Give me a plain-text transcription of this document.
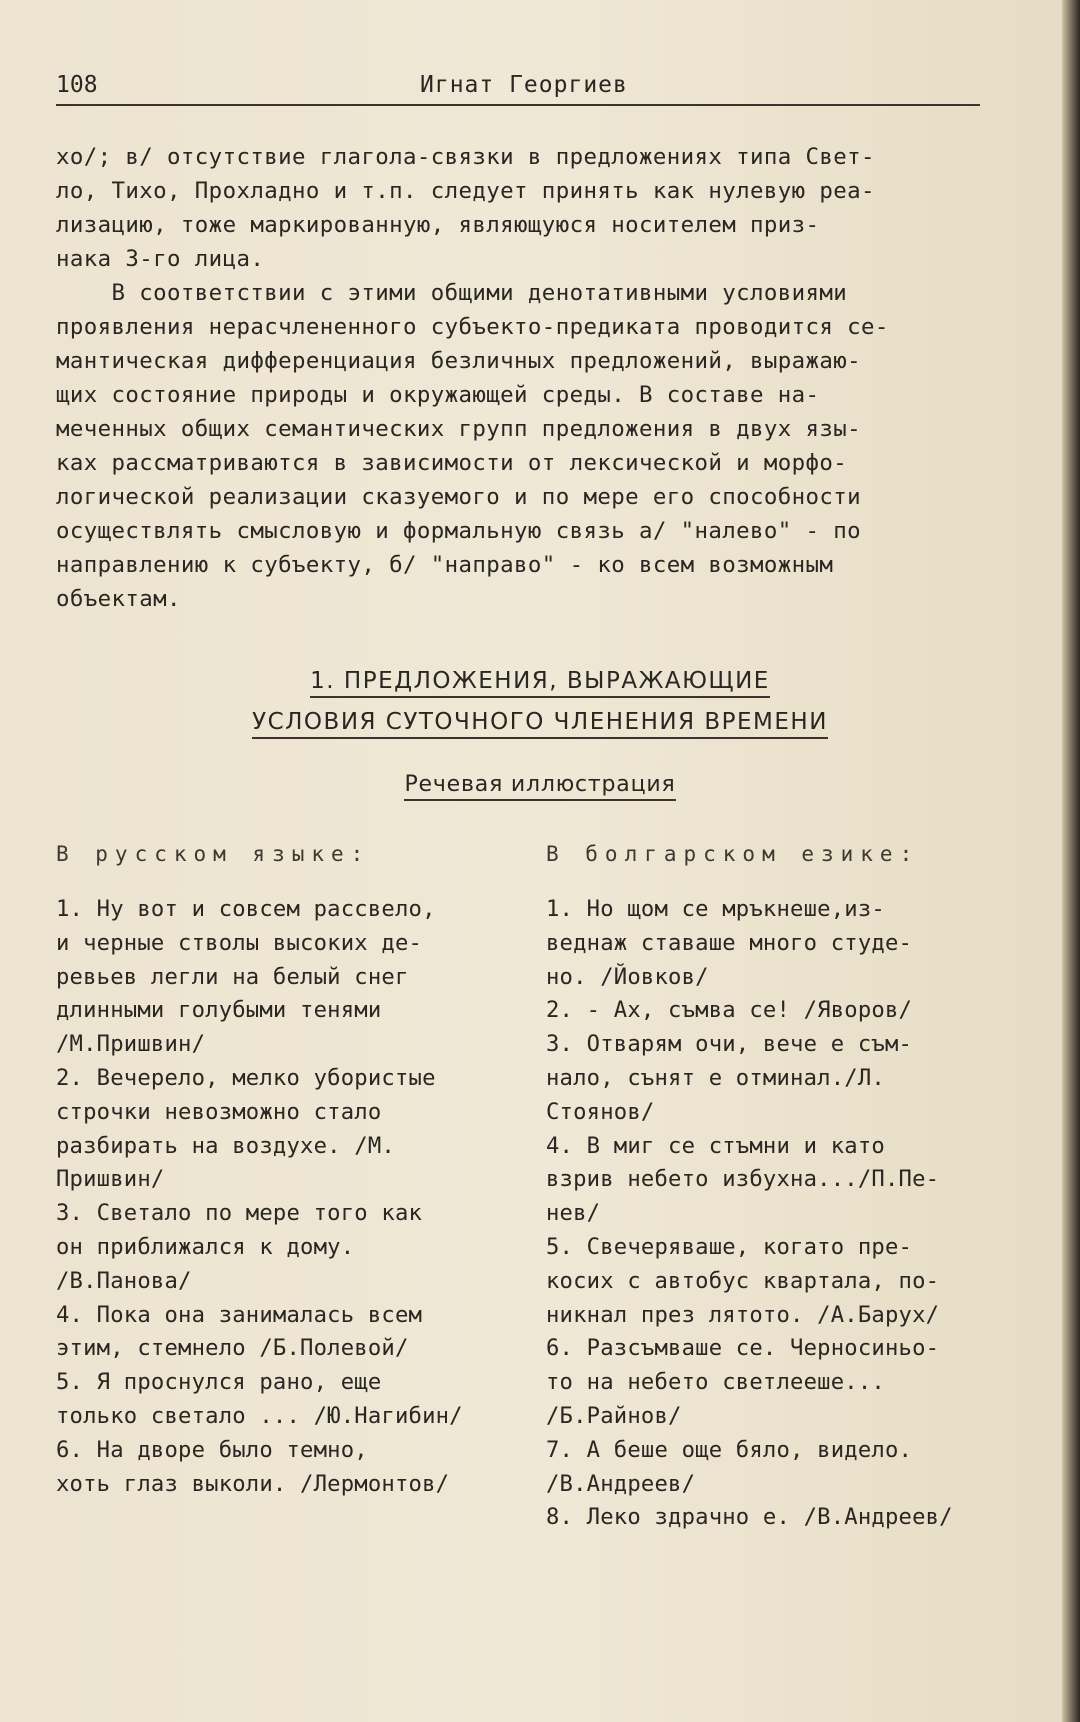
108	Игнат Георгиев

хо/; в/ отсутствие глагола-связки в предложениях типа Свет-
ло, Тихо, Прохладно и т.п. следует принять как нулевую реа-
лизацию, тоже маркированную, являющуюся носителем приз-
нака 3-го лица.

В соответствии с этими общими денотативными условиями
проявления нерасчлененного субъекто-предиката проводится се-
мантическая дифференциация безличных предложений, выражаю-
щих состояние природы и окружающей среды. В составе на-
меченных общих семантических групп предложения в двух язы-
ках рассматриваются в зависимости от лексической и морфо-
логической реализации сказуемого и по мере его способности
осуществлять смысловую и формальную связь а/ "налево" - по
направлению к субъекту, б/ "направо" - ко всем возможным
объектам.

1. ПРЕДЛОЖЕНИЯ, ВЫРАЖАЮЩИЕ
УСЛОВИЯ СУТОЧНОГО ЧЛЕНЕНИЯ ВРЕМЕНИ
Речевая иллюстрация
В русском языке:	В болгарском езике:
1. Ну вот и совсем рассвело,
и черные стволы высоких де-
ревьев легли на белый снег
длинными голубыми тенями
/М.Пришвин/
2. Вечерело, мелко убористые
строчки невозможно стало
разбирать на воздухе. /М.
Пришвин/
3. Светало по мере того как
он приближался к дому.
/В.Панова/
4. Пока она занималась всем
этим, стемнело /Б.Полевой/
5. Я проснулся рано, еще
только светало ... /Ю.Нагибин/
6. На дворе было темно,
хоть глаз выколи. /Лермонтов/
1. Но щом се мръкнеше,из-
веднаж ставаше много студе-
но. /Йовков/
2. - Ах, съмва се! /Яворов/
3. Отварям очи, вече е съм-
нало, сънят е отминал./Л.
Стоянов/
4. В миг се стъмни и като
взрив небето избухна.../П.Пе-
нев/
5. Свечеряваше, когато пре-
косих с автобус квартала, по-
никнал през лятото. /А.Барух/
6. Разсъмваше се. Черносиньо-
то на небето светлееше...
/Б.Райнов/
7. А беше още бяло, видело.
/В.Андреев/
8. Леко здрачно е. /В.Андреев/
